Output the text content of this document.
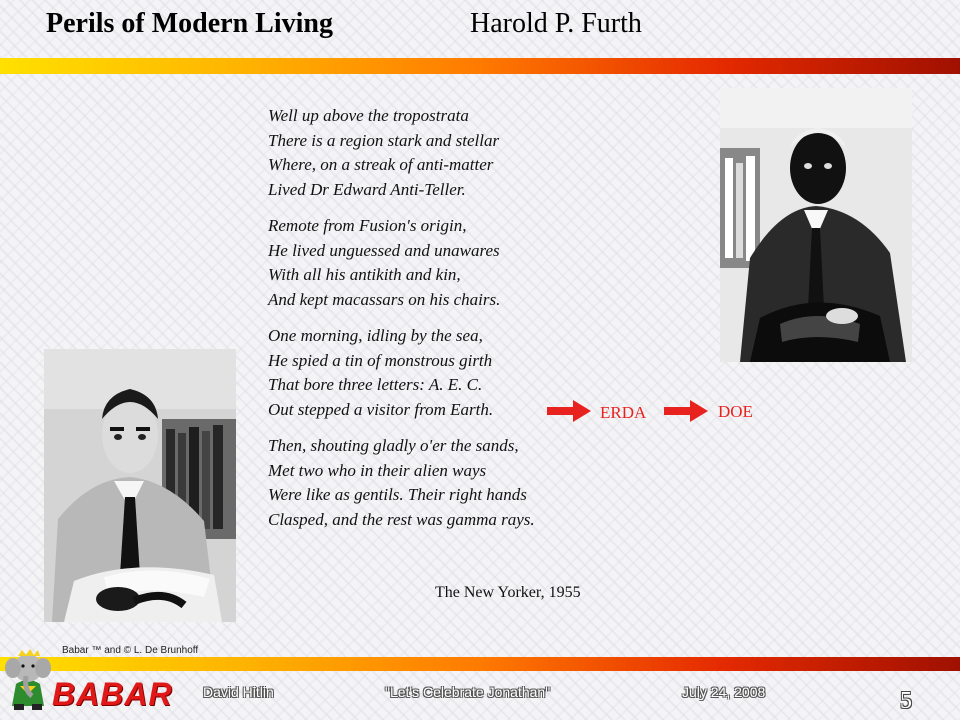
Perils of Modern Living	Harold P. Furth
Well up above the tropostrata
There is a region stark and stellar
Where, on a streak of anti-matter
Lived Dr Edward Anti-Teller.
Remote from Fusion's origin,
He lived unguessed and unawares
With all his antikith and kin,
And kept macassars on his chairs.
One morning, idling by the sea,
He spied a tin of monstrous girth
That bore three letters: A. E. C.
Out stepped a visitor from Earth.
Then, shouting gladly o'er the sands,
Met two who in their alien ways
Were like as gentils. Their right hands
Clasped, and the rest was gamma rays.
The New Yorker, 1955
ERDA	DOE
Babar ™ and © L. De Brunhoff
BABAR David Hitlin	"Let's Celebrate Jonathan"	July 24, 2008	5
